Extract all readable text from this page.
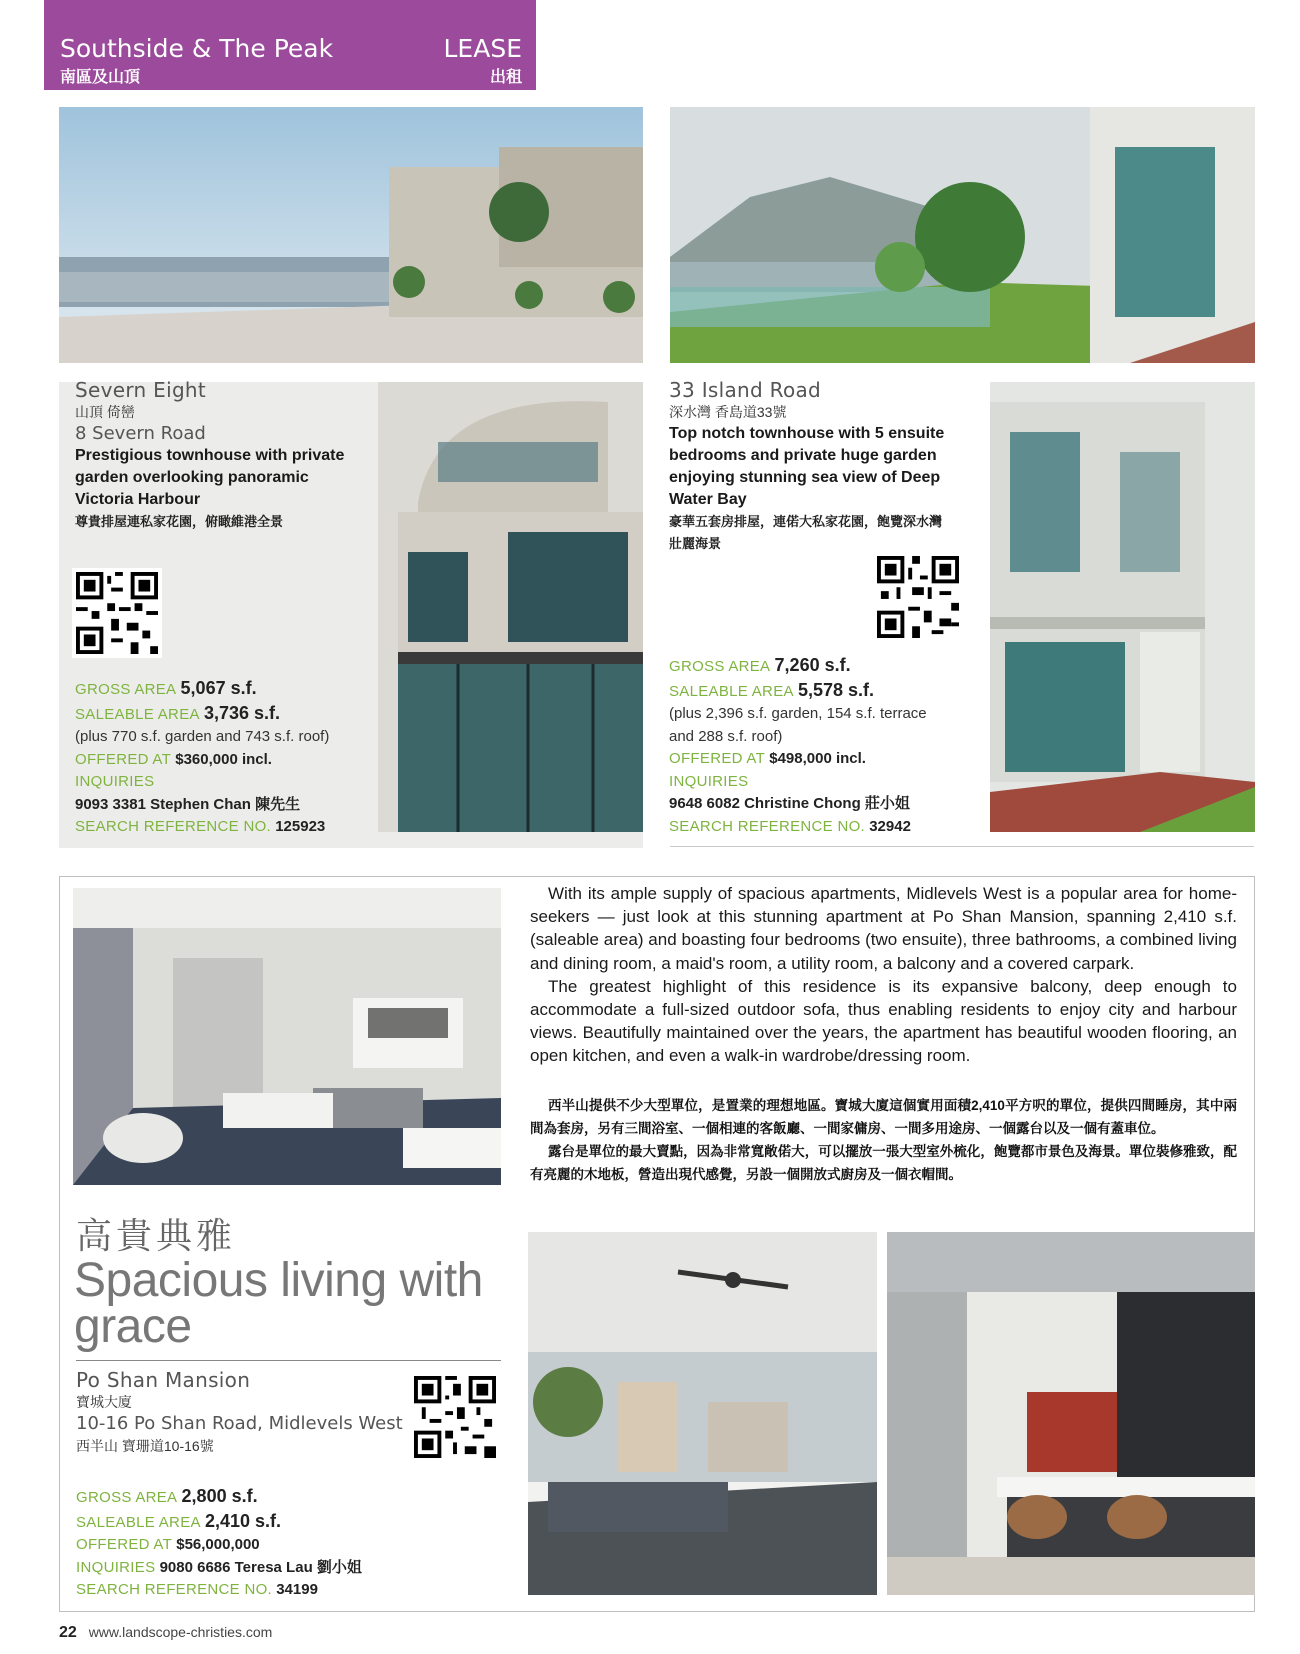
Southside & The Peak
南區及山頂
LEASE
出租
Severn Eight
山頂 倚巒
8 Severn Road
Prestigious townhouse with private garden overlooking panoramic Victoria Harbour
尊貴排屋連私家花園，俯瞰維港全景
GROSS AREA 5,067 s.f.
SALEABLE AREA 3,736 s.f.
(plus 770 s.f. garden and 743 s.f. roof)
OFFERED AT $360,000 incl.
INQUIRIES
9093 3381 Stephen Chan 陳先生
SEARCH REFERENCE NO. 125923
33 Island Road
深水灣 香島道33號
Top notch townhouse with 5 ensuite bedrooms and private huge garden enjoying stunning sea view of Deep Water Bay
豪華五套房排屋，連偌大私家花園，飽覽深水灣壯麗海景
GROSS AREA 7,260 s.f.
SALEABLE AREA 5,578 s.f.
(plus 2,396 s.f. garden, 154 s.f. terrace and 288 s.f. roof)
OFFERED AT $498,000 incl.
INQUIRIES
9648 6082 Christine Chong 莊小姐
SEARCH REFERENCE NO. 32942

With its ample supply of spacious apartments, Midlevels West is a popular area for home-seekers — just look at this stunning apartment at Po Shan Mansion, spanning 2,410 s.f. (saleable area) and boasting four bedrooms (two ensuite), three bathrooms, a combined living and dining room, a maid's room, a utility room, a balcony and a covered carpark.

The greatest highlight of this residence is its expansive balcony, deep enough to accommodate a full-sized outdoor sofa, thus enabling residents to enjoy city and harbour views. Beautifully maintained over the years, the apartment has beautiful wooden flooring, an open kitchen, and even a walk-in wardrobe/dressing room.

西半山提供不少大型單位，是置業的理想地區。寶城大廈這個實用面積2,410平方呎的單位，提供四間睡房，其中兩間為套房，另有三間浴室、一個相連的客飯廳、一間家傭房、一間多用途房、一個露台以及一個有蓋車位。

露台是單位的最大賣點，因為非常寬敞偌大，可以擺放一張大型室外梳化，飽覽都市景色及海景。單位裝修雅致，配有亮麗的木地板，營造出現代感覺，另設一個開放式廚房及一個衣帽間。

高貴典雅
Spacious living with grace
Po Shan Mansion
寶城大廈
10-16 Po Shan Road, Midlevels West
西半山 寶珊道10-16號
GROSS AREA 2,800 s.f.
SALEABLE AREA 2,410 s.f.
OFFERED AT $56,000,000
INQUIRIES 9080 6686 Teresa Lau 劉小姐
SEARCH REFERENCE NO. 34199
22 www.landscope-christies.com
